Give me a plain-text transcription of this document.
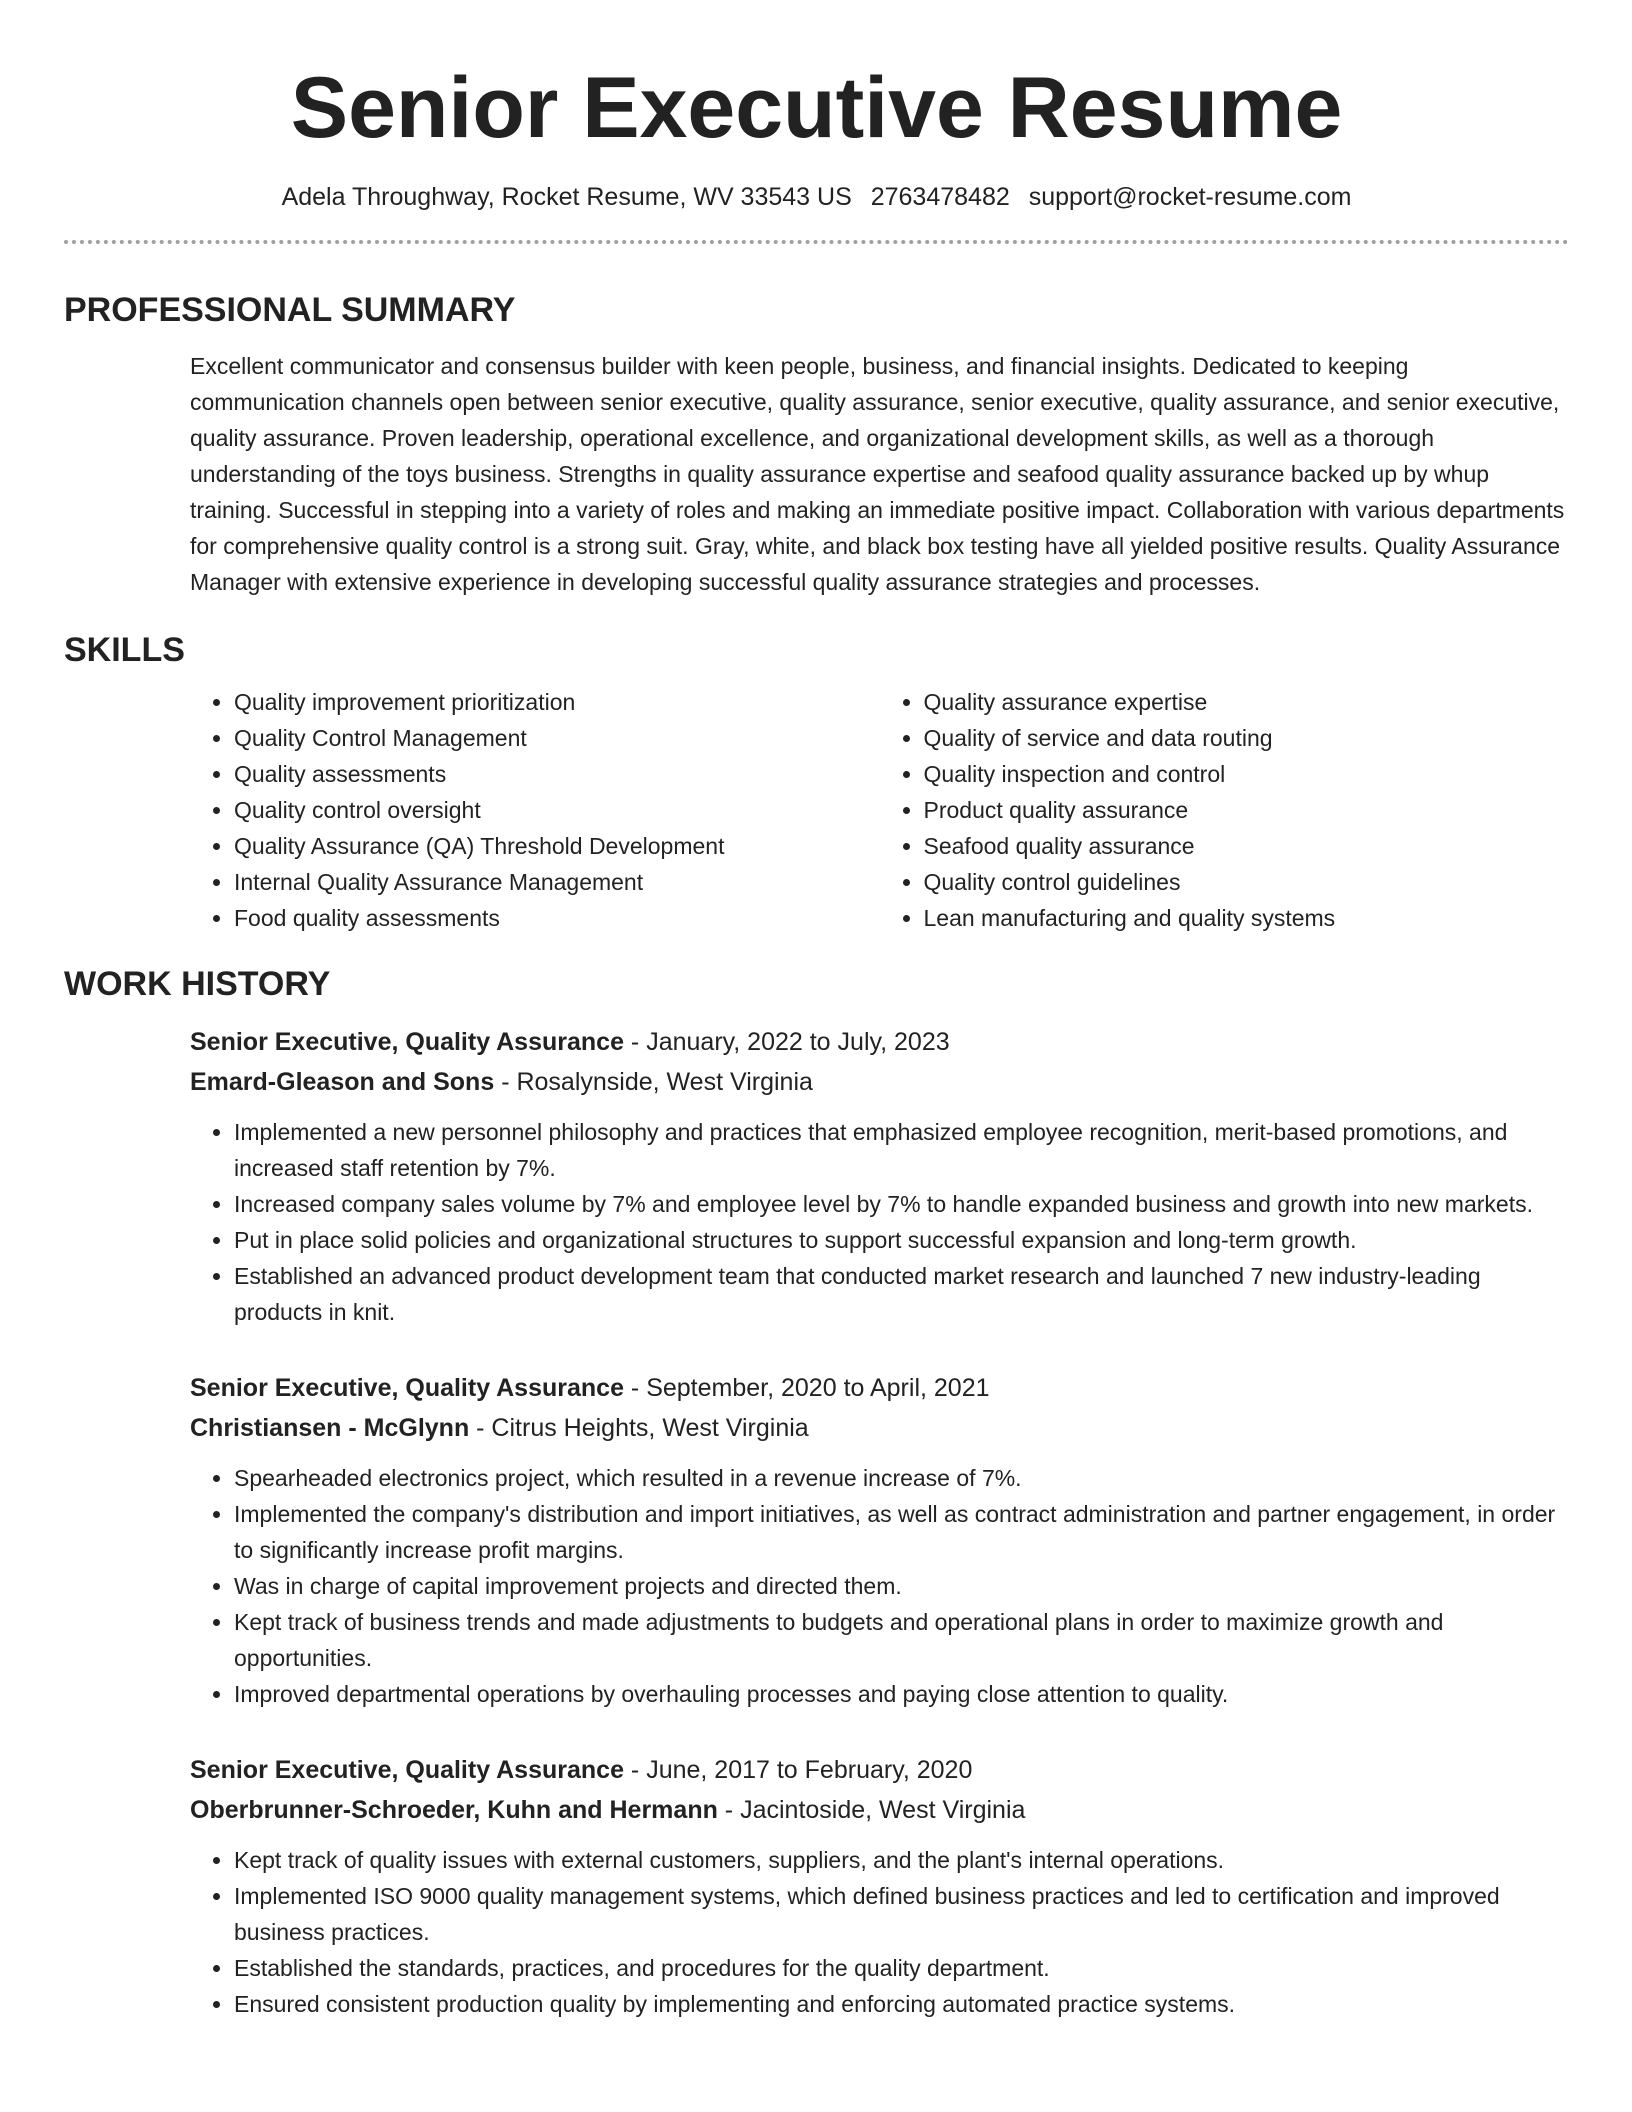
Senior Executive Resume
Adela Throughway, Rocket Resume, WV 33543 US 2763478482 support@rocket-resume.com
PROFESSIONAL SUMMARY

Excellent communicator and consensus builder with keen people, business, and financial insights. Dedicated to keeping communication channels open between senior executive, quality assurance, senior executive, quality assurance, and senior executive, quality assurance. Proven leadership, operational excellence, and organizational development skills, as well as a thorough understanding of the toys business. Strengths in quality assurance expertise and seafood quality assurance backed up by whup training. Successful in stepping into a variety of roles and making an immediate positive impact. Collaboration with various departments for comprehensive quality control is a strong suit. Gray, white, and black box testing have all yielded positive results. Quality Assurance Manager with extensive experience in developing successful quality assurance strategies and processes.

SKILLS
• Quality improvement prioritization
• Quality Control Management
• Quality assessments
• Quality control oversight
• Quality Assurance (QA) Threshold Development
• Internal Quality Assurance Management
• Food quality assessments
• Quality assurance expertise
• Quality of service and data routing
• Quality inspection and control
• Product quality assurance
• Seafood quality assurance
• Quality control guidelines
• Lean manufacturing and quality systems
WORK HISTORY
Senior Executive, Quality Assurance - January, 2022 to July, 2023
Emard-Gleason and Sons - Rosalynside, West Virginia
• Implemented a new personnel philosophy and practices that emphasized employee recognition, merit-based promotions, and increased staff retention by 7%.
• Increased company sales volume by 7% and employee level by 7% to handle expanded business and growth into new markets.
• Put in place solid policies and organizational structures to support successful expansion and long-term growth.
• Established an advanced product development team that conducted market research and launched 7 new industry-leading products in knit.
Senior Executive, Quality Assurance - September, 2020 to April, 2021
Christiansen - McGlynn - Citrus Heights, West Virginia
• Spearheaded electronics project, which resulted in a revenue increase of 7%.
• Implemented the company's distribution and import initiatives, as well as contract administration and partner engagement, in order to significantly increase profit margins.
• Was in charge of capital improvement projects and directed them.
• Kept track of business trends and made adjustments to budgets and operational plans in order to maximize growth and opportunities.
• Improved departmental operations by overhauling processes and paying close attention to quality.
Senior Executive, Quality Assurance - June, 2017 to February, 2020
Oberbrunner-Schroeder, Kuhn and Hermann - Jacintoside, West Virginia
• Kept track of quality issues with external customers, suppliers, and the plant's internal operations.
• Implemented ISO 9000 quality management systems, which defined business practices and led to certification and improved business practices.
• Established the standards, practices, and procedures for the quality department.
• Ensured consistent production quality by implementing and enforcing automated practice systems.
